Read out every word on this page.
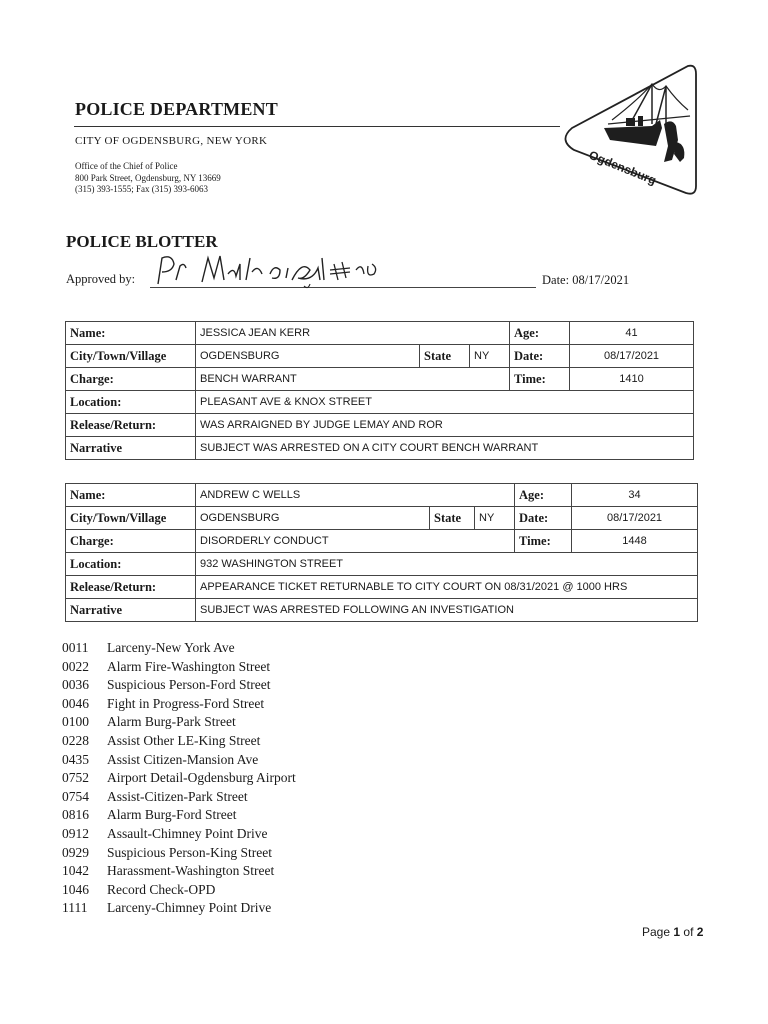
POLICE DEPARTMENT
CITY OF OGDENSBURG, NEW YORK
Office of the Chief of Police
800 Park Street, Ogdensburg, NY 13669
(315) 393-1555; Fax (315) 393-6063
Ogdensburg
POLICE BLOTTER
Approved by:	Date: 08/17/2021
Name:	JESSICA JEAN KERR			Age:	41
City/Town/Village	OGDENSBURG	State	NY	Date:	08/17/2021
Charge:	BENCH WARRANT			Time:	1410
Location:	PLEASANT AVE & KNOX STREET				
Release/Return:	WAS ARRAIGNED BY JUDGE LEMAY AND ROR				
Narrative	SUBJECT WAS ARRESTED ON A CITY COURT BENCH WARRANT				
Name:	ANDREW C WELLS			Age:	34
City/Town/Village	OGDENSBURG	State	NY	Date:	08/17/2021
Charge:	DISORDERLY CONDUCT			Time:	1448
Location:	932 WASHINGTON STREET				
Release/Return:	APPEARANCE TICKET RETURNABLE TO CITY COURT ON 08/31/2021 @ 1000 HRS				
Narrative	SUBJECT WAS ARRESTED FOLLOWING AN INVESTIGATION				
0011	Larceny-New York Ave
0022	Alarm Fire-Washington Street
0036	Suspicious Person-Ford Street
0046	Fight in Progress-Ford Street
0100	Alarm Burg-Park Street
0228	Assist Other LE-King Street
0435	Assist Citizen-Mansion Ave
0752	Airport Detail-Ogdensburg Airport
0754	Assist-Citizen-Park Street
0816	Alarm Burg-Ford Street
0912	Assault-Chimney Point Drive
0929	Suspicious Person-King Street
1042	Harassment-Washington Street
1046	Record Check-OPD
1111	Larceny-Chimney Point Drive
Page 1 of 2
